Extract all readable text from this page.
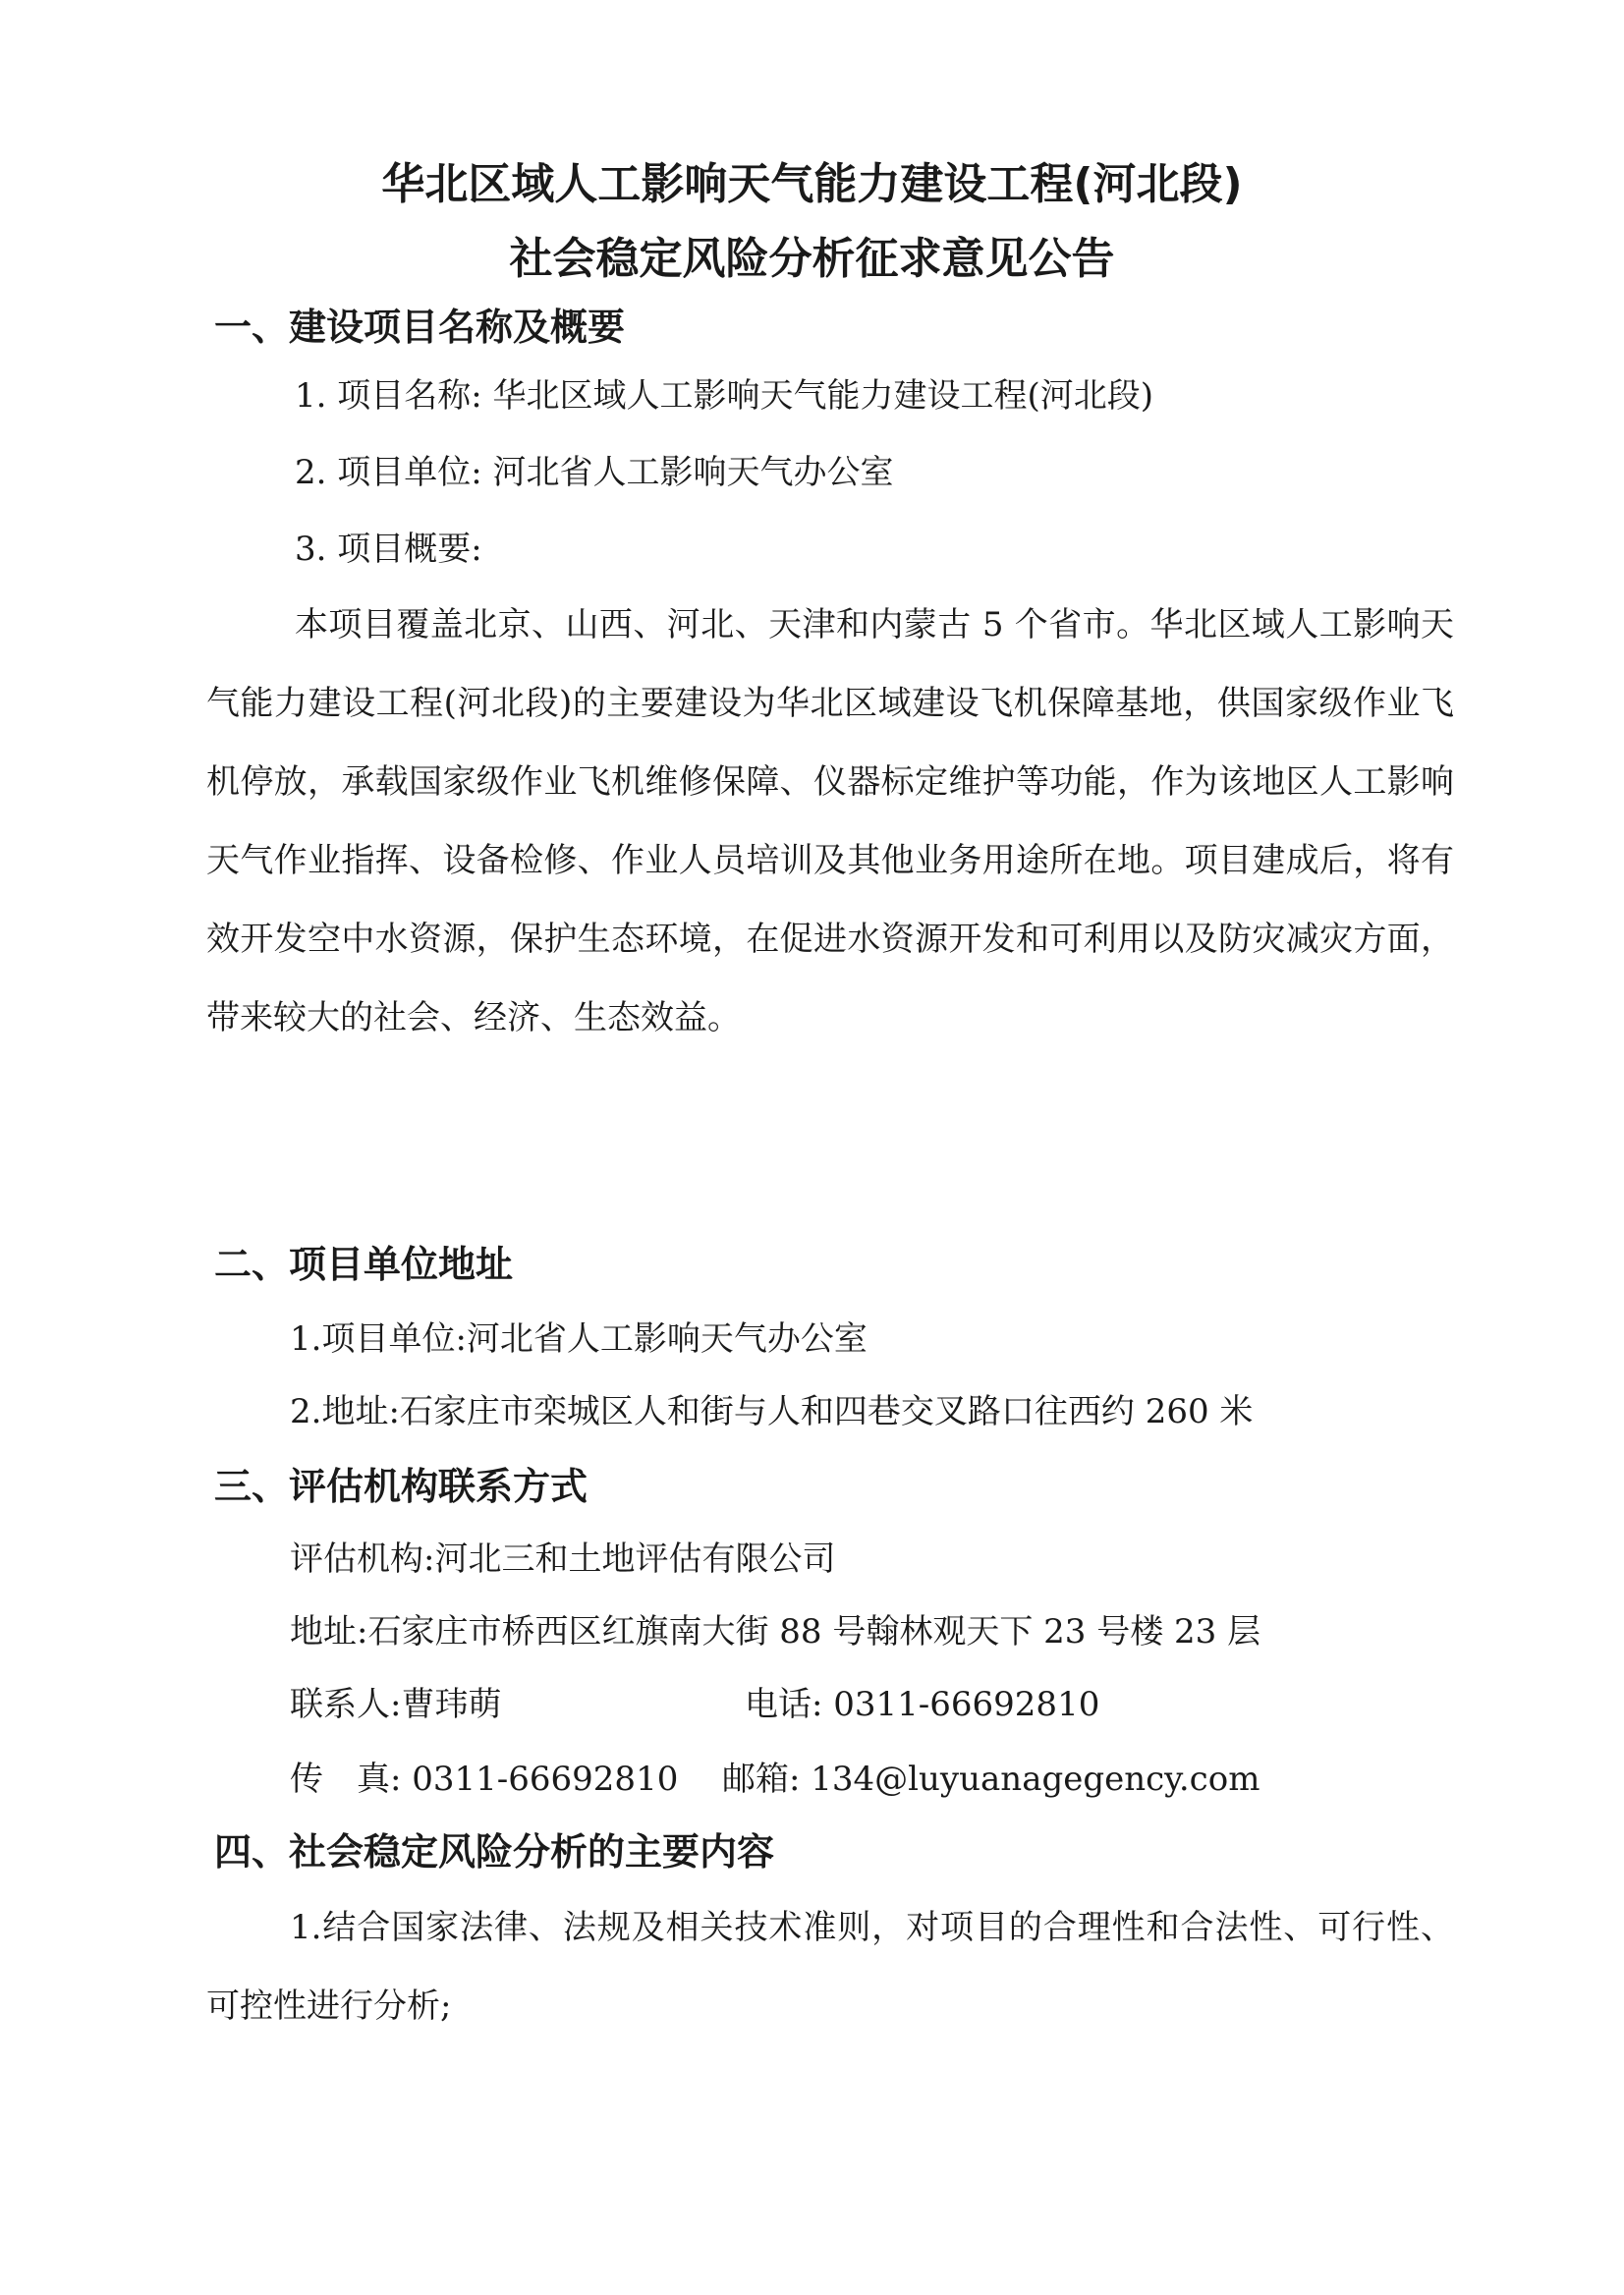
华北区域人工影响天气能力建设工程(河北段)
社会稳定风险分析征求意见公告
一、建设项目名称及概要
1. 项目名称: 华北区域人工影响天气能力建设工程(河北段)
2. 项目单位: 河北省人工影响天气办公室
3. 项目概要:
本项目覆盖北京、山西、河北、天津和内蒙古 5 个省市。华北区域人工影响天气能力建设工程(河北段)的主要建设为华北区域建设飞机保障基地，供国家级作业飞机停放，承载国家级作业飞机维修保障、仪器标定维护等功能，作为该地区人工影响天气作业指挥、设备检修、作业人员培训及其他业务用途所在地。项目建成后，将有效开发空中水资源，保护生态环境，在促进水资源开发和可利用以及防灾减灾方面，带来较大的社会、经济、生态效益。
二、项目单位地址
1.项目单位:河北省人工影响天气办公室
2.地址:石家庄市栾城区人和街与人和四巷交叉路口往西约 260 米
三、评估机构联系方式
评估机构:河北三和土地评估有限公司
地址:石家庄市桥西区红旗南大街 88 号翰林观天下 23 号楼 23 层
联系人:曹玮萌	电话: 0311-66692810
传　真: 0311-66692810 邮箱: 134@luyuanagegency.com
四、社会稳定风险分析的主要内容
1.结合国家法律、法规及相关技术准则，对项目的合理性和合法性、可行性、可控性进行分析;
